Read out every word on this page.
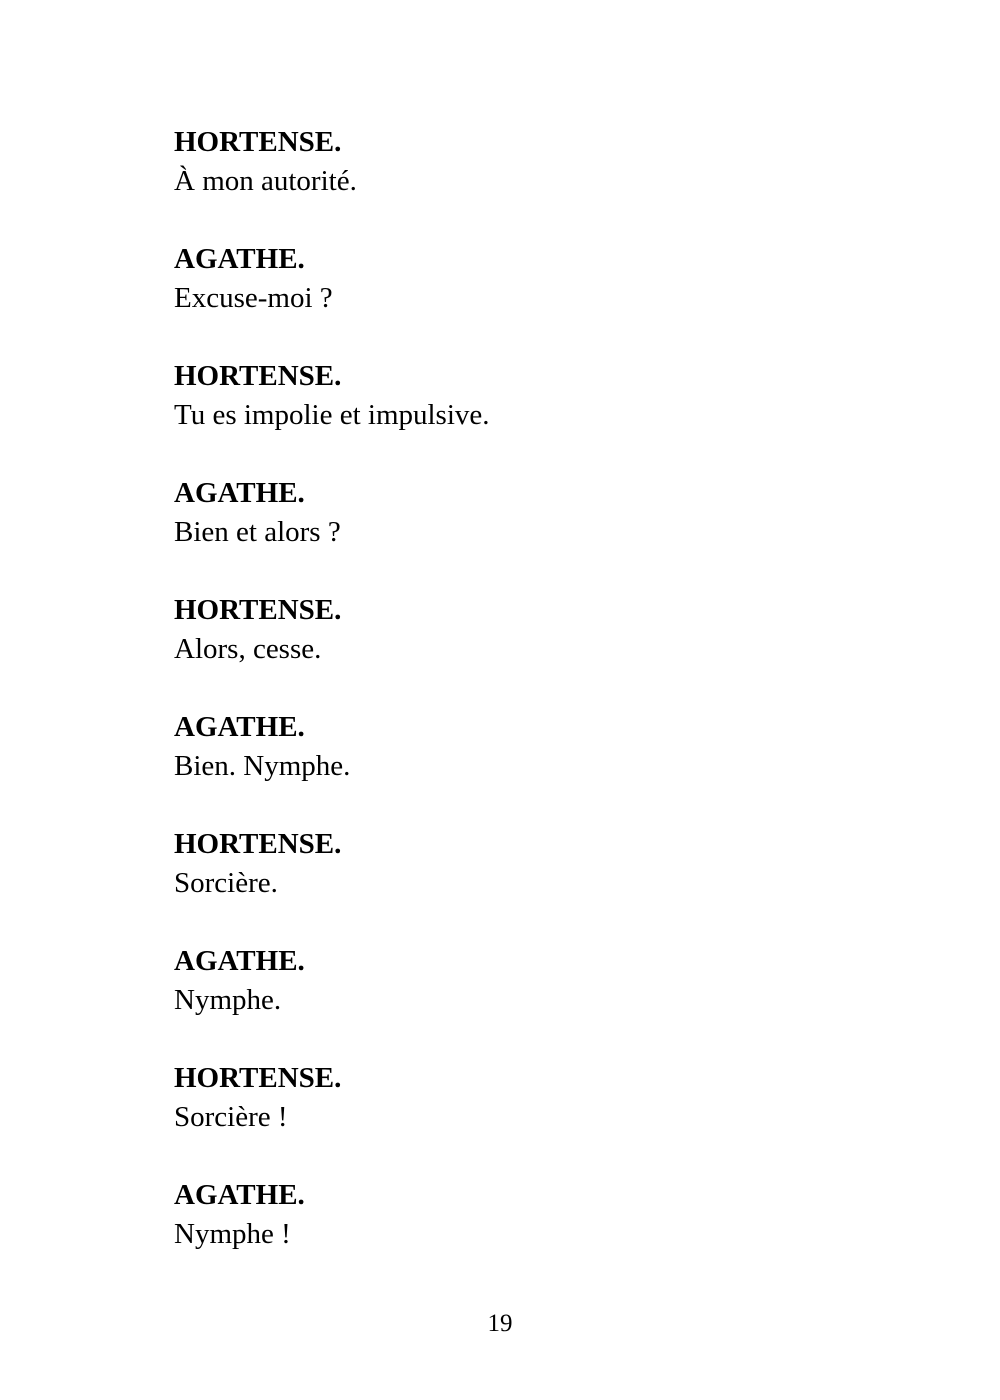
HORTENSE.
À mon autorité.
AGATHE.
Excuse-moi ?
HORTENSE.
Tu es impolie et impulsive.
AGATHE.
Bien et alors ?
HORTENSE.
Alors, cesse.
AGATHE.
Bien. Nymphe.
HORTENSE.
Sorcière.
AGATHE.
Nymphe.
HORTENSE.
Sorcière !
AGATHE.
Nymphe !
19
